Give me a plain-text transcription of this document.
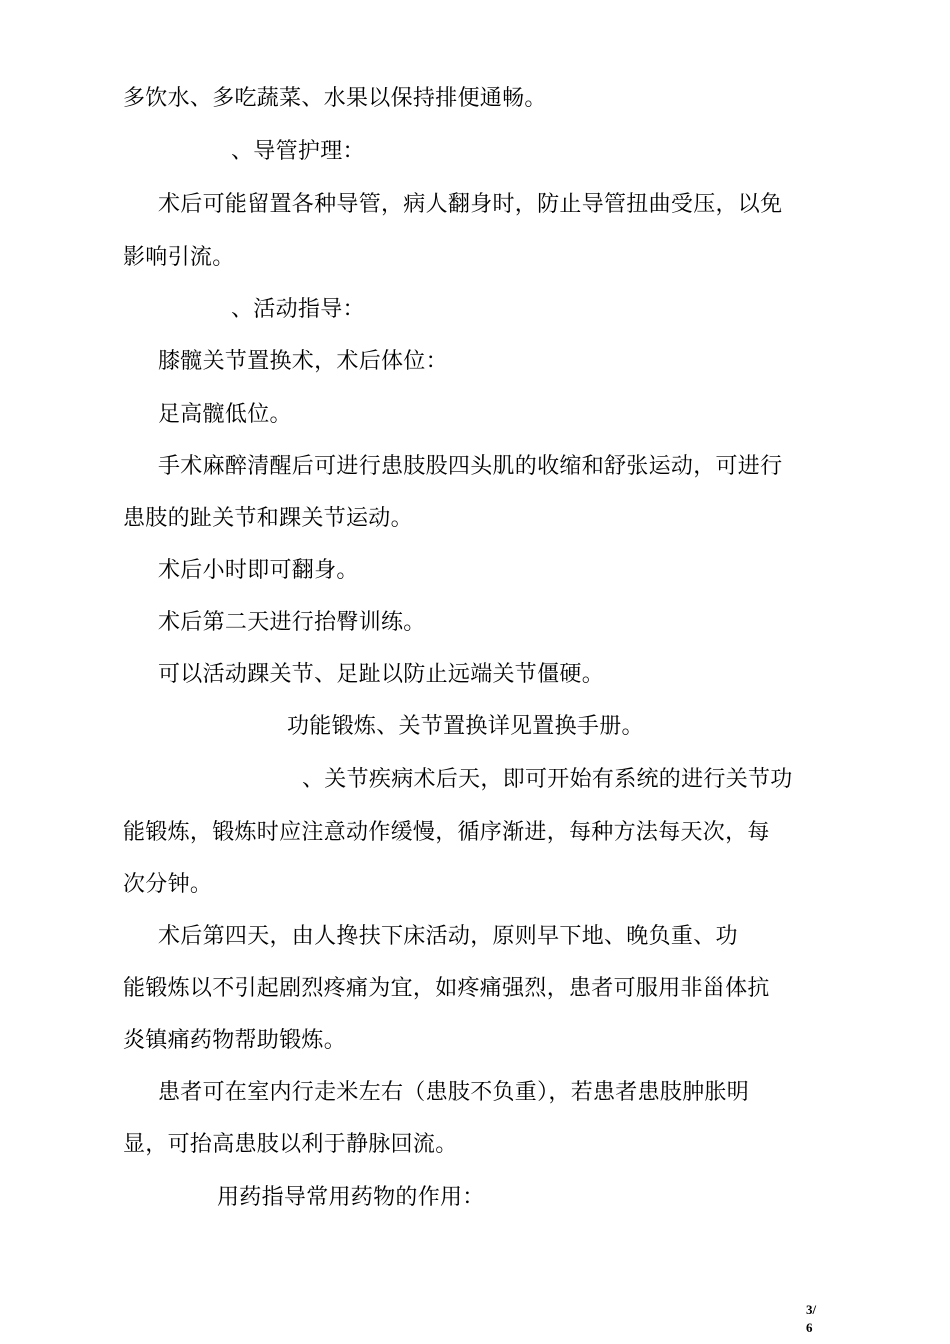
多饮水、多吃蔬菜、水果以保持排便通畅。
、导管护理：
术后可能留置各种导管，病人翻身时，防止导管扭曲受压，以免
影响引流。
、活动指导：
膝髋关节置换术，术后体位：
足高髋低位。
手术麻醉清醒后可进行患肢股四头肌的收缩和舒张运动，可进行
患肢的趾关节和踝关节运动。
术后小时即可翻身。
术后第二天进行抬臀训练。
可以活动踝关节、足趾以防止远端关节僵硬。
功能锻炼、关节置换详见置换手册。
、关节疾病术后天，即可开始有系统的进行关节功
能锻炼，锻炼时应注意动作缓慢，循序渐进，每种方法每天次，每
次分钟。
术后第四天，由人搀扶下床活动，原则早下地、晚负重、功
能锻炼以不引起剧烈疼痛为宜，如疼痛强烈，患者可服用非甾体抗
炎镇痛药物帮助锻炼。
患者可在室内行走米左右（患肢不负重），若患者患肢肿胀明
显，可抬高患肢以利于静脉回流。
用药指导常用药物的作用：
3/
6
